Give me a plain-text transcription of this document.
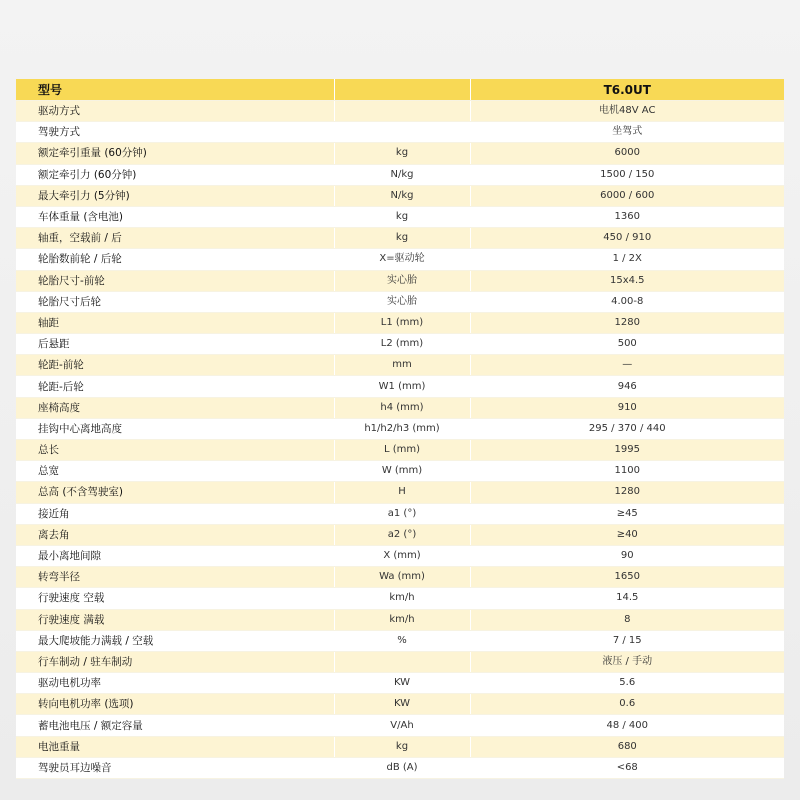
型号		T6.0UT
驱动方式		电机48V AC
驾驶方式		坐驾式
额定牵引重量 (60分钟)	kg	6000
额定牵引力 (60分钟)	N/kg	1500 / 150
最大牵引力 (5分钟)	N/kg	6000 / 600
车体重量 (含电池)	kg	1360
轴重，空载前 / 后	kg	450 / 910
轮胎数前轮 / 后轮	X=驱动轮	1 / 2X
轮胎尺寸-前轮	实心胎	15x4.5
轮胎尺寸后轮	实心胎	4.00-8
轴距	L1 (mm)	1280
后悬距	L2 (mm)	500
轮距-前轮	mm	—
轮距-后轮	W1 (mm)	946
座椅高度	h4 (mm)	910
挂钩中心离地高度	h1/h2/h3 (mm)	295 / 370 / 440
总长	L (mm)	1995
总宽	W (mm)	1100
总高 (不含驾驶室)	H	1280
接近角	a1 (°)	≥45
离去角	a2 (°)	≥40
最小离地间隙	X (mm)	90
转弯半径	Wa (mm)	1650
行驶速度 空载	km/h	14.5
行驶速度 满载	km/h	8
最大爬坡能力满载 / 空载	%	7 / 15
行车制动 / 驻车制动		液压 / 手动
驱动电机功率	KW	5.6
转向电机功率 (选项)	KW	0.6
蓄电池电压 / 额定容量	V/Ah	48 / 400
电池重量	kg	680
驾驶员耳边噪音	dB (A)	<68
